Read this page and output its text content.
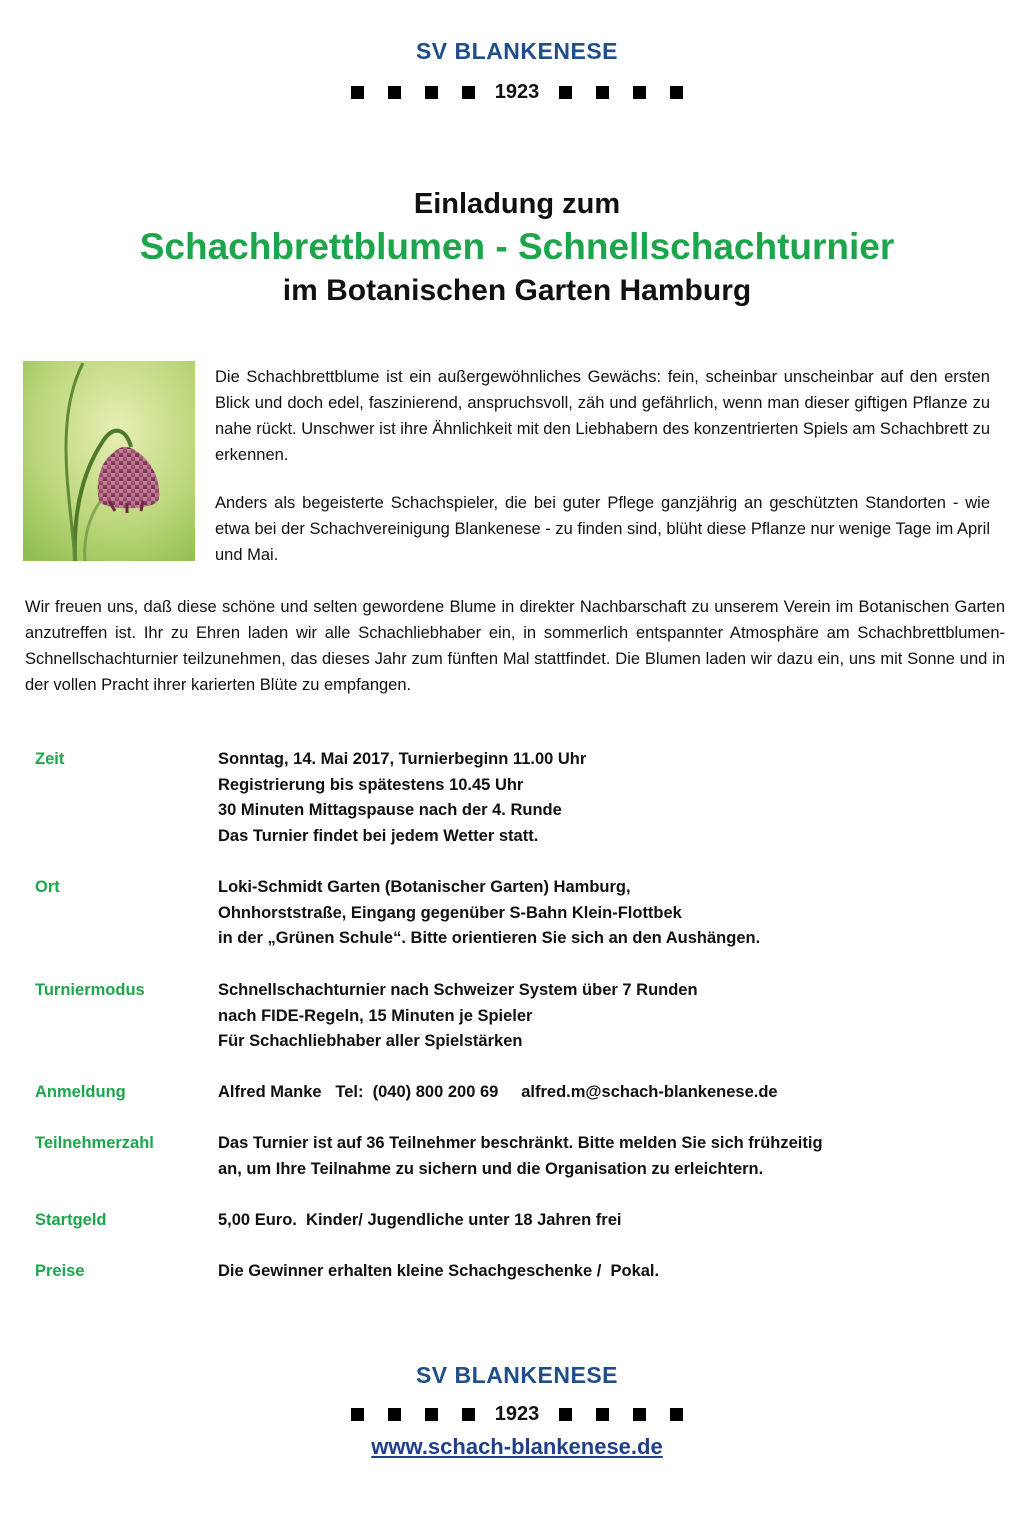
SV BLANKENESE
1923
Einladung zum
Schachbrettblumen - Schnellschachturnier
im Botanischen Garten Hamburg

Die Schachbrettblume ist ein außergewöhnliches Gewächs: fein, scheinbar unscheinbar auf den ersten Blick und doch edel, faszinierend, anspruchsvoll, zäh und gefährlich, wenn man dieser giftigen Pflanze zu nahe rückt. Unschwer ist ihre Ähnlichkeit mit den Liebhabern des konzentrierten Spiels am Schachbrett zu erkennen.

Anders als begeisterte Schachspieler, die bei guter Pflege ganzjährig an geschützten Standorten - wie etwa bei der Schachvereinigung Blankenese - zu finden sind, blüht diese Pflanze nur wenige Tage im April und Mai.

Wir freuen uns, daß diese schöne und selten gewordene Blume in direkter Nachbarschaft zu unserem Verein im Botanischen Garten anzutreffen ist. Ihr zu Ehren laden wir alle Schachliebhaber ein, in sommerlich entspannter Atmosphäre am Schachbrettblumen-Schnellschachturnier teilzunehmen, das dieses Jahr zum fünften Mal stattfindet. Die Blumen laden wir dazu ein, uns mit Sonne und in der vollen Pracht ihrer karierten Blüte zu empfangen.

Zeit	Sonntag, 14. Mai 2017, Turnierbeginn 11.00 Uhr
Registrierung bis spätestens 10.45 Uhr
30 Minuten Mittagspause nach der 4. Runde
Das Turnier findet bei jedem Wetter statt.
Ort	Loki-Schmidt Garten (Botanischer Garten) Hamburg,
Ohnhorststraße, Eingang gegenüber S-Bahn Klein-Flottbek
in der „Grünen Schule“. Bitte orientieren Sie sich an den Aushängen.
Turniermodus	Schnellschachturnier nach Schweizer System über 7 Runden
nach FIDE-Regeln, 15 Minuten je Spieler
Für Schachliebhaber aller Spielstärken
Anmeldung	Alfred Manke   Tel:  (040) 800 200 69     alfred.m@schach-blankenese.de
Teilnehmerzahl	Das Turnier ist auf 36 Teilnehmer beschränkt. Bitte melden Sie sich frühzeitig
an, um Ihre Teilnahme zu sichern und die Organisation zu erleichtern.
Startgeld	5,00 Euro.  Kinder/ Jugendliche unter 18 Jahren frei
Preise	Die Gewinner erhalten kleine Schachgeschenke /  Pokal.
SV BLANKENESE
1923
www.schach-blankenese.de
